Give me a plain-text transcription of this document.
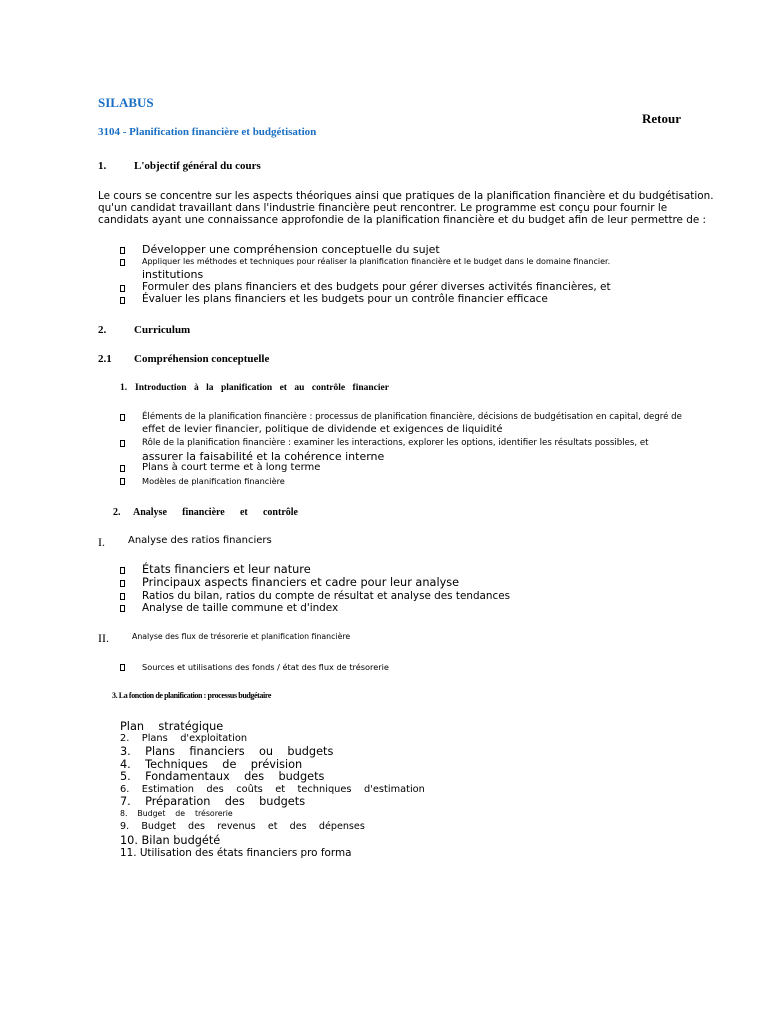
SILABUS
Retour
3104 - Planification financière et budgétisation
1.	L'objectif général du cours
Le cours se concentre sur les aspects théoriques ainsi que pratiques de la planification financière et du budgétisation.
qu'un candidat travaillant dans l'industrie financière peut rencontrer. Le programme est conçu pour fournir le
candidats ayant une connaissance approfondie de la planification financière et du budget afin de leur permettre de :
Développer une compréhension conceptuelle du sujet
Appliquer les méthodes et techniques pour réaliser la planification financière et le budget dans le domaine financier.
institutions
Formuler des plans financiers et des budgets pour gérer diverses activités financières, et
Évaluer les plans financiers et les budgets pour un contrôle financier efficace
2.	Curriculum
2.1 Compréhension conceptuelle
1. Introduction à la planification et au contrôle financier
Éléments de la planification financière : processus de planification financière, décisions de budgétisation en capital, degré de
effet de levier financier, politique de dividende et exigences de liquidité
Rôle de la planification financière : examiner les interactions, explorer les options, identifier les résultats possibles, et
assurer la faisabilité et la cohérence interne
Plans à court terme et à long terme
Modèles de planification financière
2. Analyse financière et contrôle
I. Analyse des ratios financiers
États financiers et leur nature
Principaux aspects financiers et cadre pour leur analyse
Ratios du bilan, ratios du compte de résultat et analyse des tendances
Analyse de taille commune et d'index
II.	Analyse des flux de trésorerie et planification financière
Sources et utilisations des fonds / état des flux de trésorerie
3. La fonction de planification : processus budgétaire
Plan    stratégique
2.    Plans    d'exploitation
3.    Plans    financiers    ou    budgets
4.    Techniques    de    prévision
5.    Fondamentaux    des    budgets
6.    Estimation    des    coûts    et    techniques    d'estimation
7.    Préparation    des    budgets
8.    Budget    de    trésorerie
9.    Budget    des    revenus    et    des    dépenses
10. Bilan budgété
11. Utilisation des états financiers pro forma
